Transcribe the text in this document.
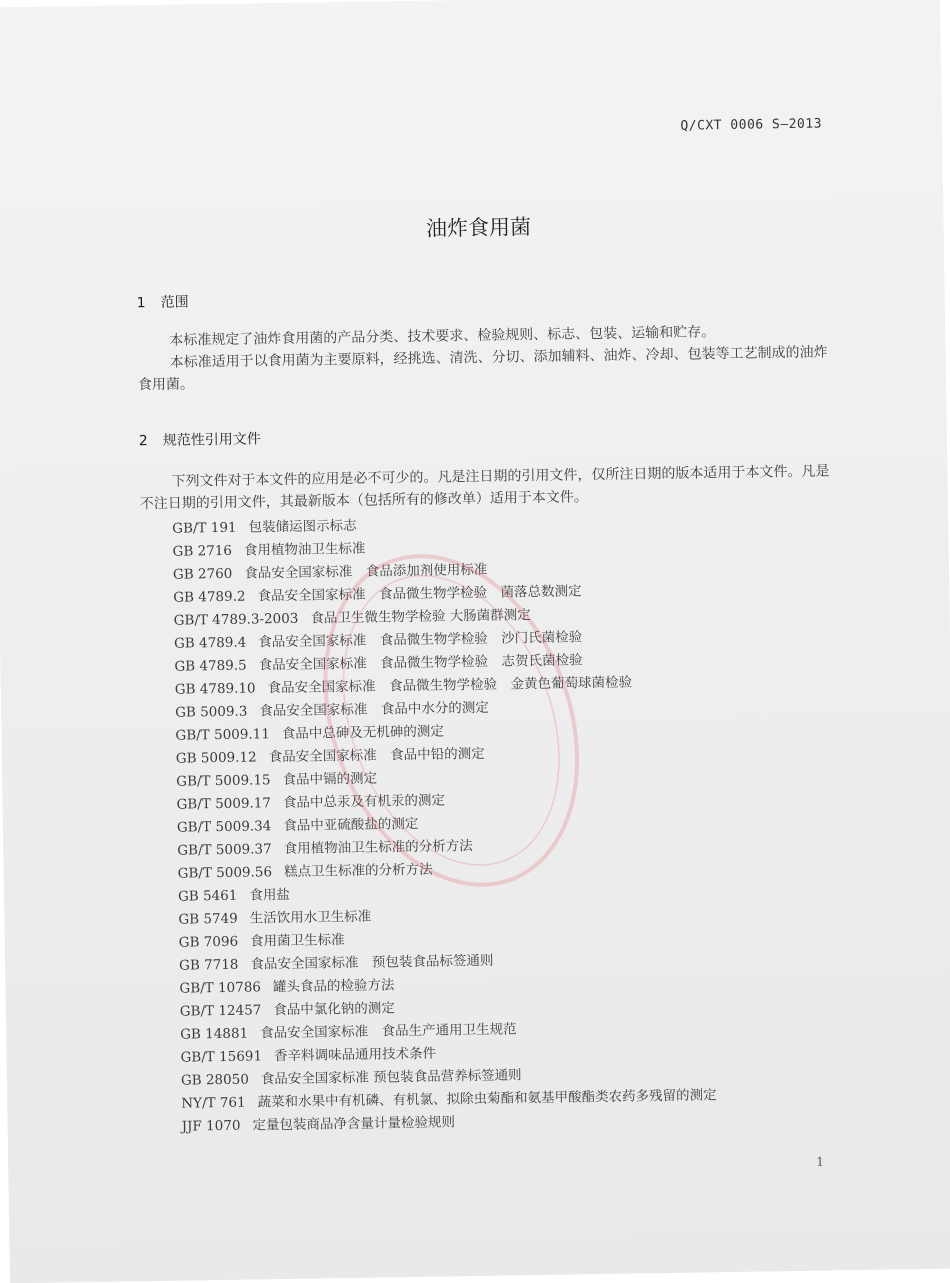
Q/CXT 0006 S—2013
油炸食用菌
1 范围

本标准规定了油炸食用菌的产品分类、技术要求、检验规则、标志、包装、运输和贮存。

本标准适用于以食用菌为主要原料，经挑选、清洗、分切、添加辅料、油炸、冷却、包装等工艺制成的油炸食用菌。

2 规范性引用文件

下列文件对于本文件的应用是必不可少的。凡是注日期的引用文件，仅所注日期的版本适用于本文件。凡是不注日期的引用文件，其最新版本（包括所有的修改单）适用于本文件。

GB/T 191 包装储运图示标志
GB 2716 食用植物油卫生标准
GB 2760 食品安全国家标准　食品添加剂使用标准
GB 4789.2 食品安全国家标准　食品微生物学检验　菌落总数测定
GB/T 4789.3-2003 食品卫生微生物学检验 大肠菌群测定
GB 4789.4 食品安全国家标准　食品微生物学检验　沙门氏菌检验
GB 4789.5 食品安全国家标准　食品微生物学检验　志贺氏菌检验
GB 4789.10 食品安全国家标准　食品微生物学检验　金黄色葡萄球菌检验
GB 5009.3 食品安全国家标准　食品中水分的测定
GB/T 5009.11 食品中总砷及无机砷的测定
GB 5009.12 食品安全国家标准　食品中铅的测定
GB/T 5009.15 食品中镉的测定
GB/T 5009.17 食品中总汞及有机汞的测定
GB/T 5009.34 食品中亚硫酸盐的测定
GB/T 5009.37 食用植物油卫生标准的分析方法
GB/T 5009.56 糕点卫生标准的分析方法
GB 5461 食用盐
GB 5749 生活饮用水卫生标准
GB 7096 食用菌卫生标准
GB 7718 食品安全国家标准　预包装食品标签通则
GB/T 10786 罐头食品的检验方法
GB/T 12457 食品中氯化钠的测定
GB 14881 食品安全国家标准　食品生产通用卫生规范
GB/T 15691 香辛料调味品通用技术条件
GB 28050 食品安全国家标准 预包装食品营养标签通则
NY/T 761 蔬菜和水果中有机磷、有机氯、拟除虫菊酯和氨基甲酸酯类农药多残留的测定
JJF 1070 定量包装商品净含量计量检验规则
1
